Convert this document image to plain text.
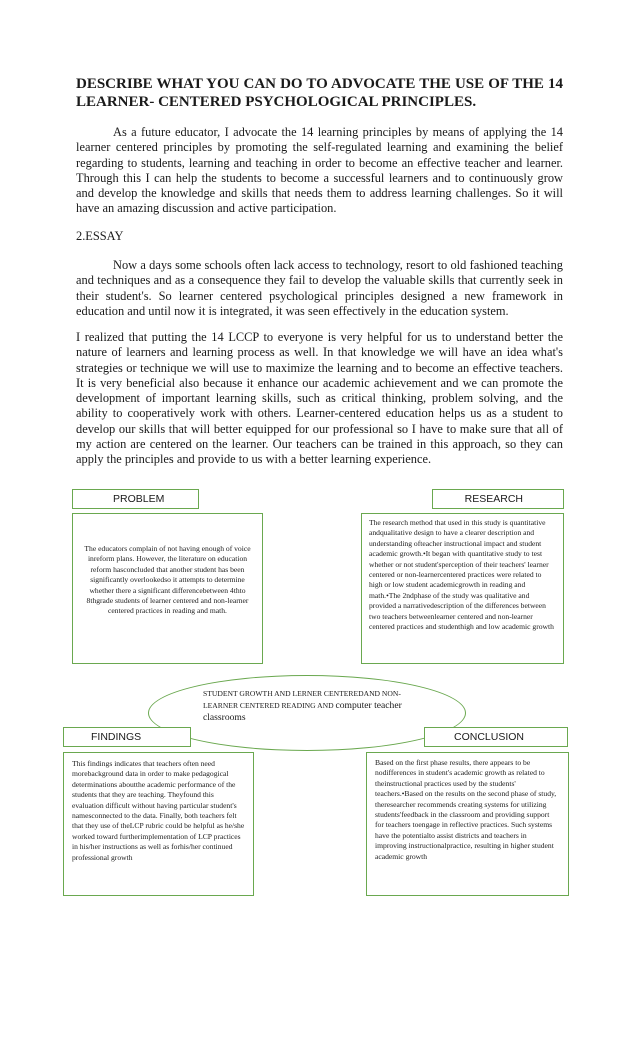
DESCRIBE WHAT YOU CAN DO TO ADVOCATE THE USE OF THE 14 LEARNER- CENTERED PSYCHOLOGICAL PRINCIPLES.

As a future educator, I advocate the 14 learning principles by means of applying the 14 learner centered principles by promoting the self-regulated learning and examining the belief regarding to students, learning and teaching in order to become an effective teacher and learner. Through this I can help the students to become a successful learners and to continuously grow and develop the knowledge and skills that needs them to address learning challenges. So it will have an amazing discussion and active participation.

2.ESSAY

Now a days some schools often lack access to technology, resort to old fashioned teaching and techniques and as a consequence they fail to develop the valuable skills that currently seek in their student's. So learner centered psychological principles designed a new framework in education and until now it is integrated, it was seen effectively in the education system.

I realized that putting the 14 LCCP to everyone is very helpful for us to understand better the nature of learners and learning process as well. In that knowledge we will have an idea what's strategies or technique we will use to maximize the learning and to become an effective teachers. It is very beneficial also because it enhance our academic achievement and we can promote the development of important learning skills, such as critical thinking, problem solving, and the ability to cooperatively work with others. Learner-centered education helps us as a student to develop our skills that will better equipped for our professional so I have to make sure that all of my action are centered on the learner. Our teachers can be trained in this approach, so they can apply the principles and provide to us with a better learning experience.

PROBLEM	RESEARCH
The educators complain of not having enough of voice inreform plans. However, the literature on education reform hasconcluded that another student has been significantly overlookedso it attempts to determine whether there a significant differencebetween 4thto 8thgrade students of learner centered and non-learner centered practices in reading and math.
The research method that used in this study is quantitative andqualitative design to have a clearer description and understanding ofteacher instructional impact and student academic growth.•It began with quantitative study to test whether or not student'sperception of their teachers' learner centered or non-learnercentered practices were related to high or low student academicgrowth in reading and math.•The 2ndphase of the study was qualitative and provided a narrativedescription of the differences between two teachers betweenlearner centered and non-learner centered practices and studenthigh and low academic growth
STUDENT GROWTH AND LERNER CENTEREDAND NON-LEARNER CENTERED READING AND computer teacher classrooms
FINDINGS	CONCLUSION
This findings indicates that teachers often need morebackground data in order to make pedagogical determinations aboutthe academic performance of the students that they are teaching. Theyfound this evaluation difficult without having particular student's namesconnected to the data. Finally, both teachers felt that they use of theLCP rubric could be helpful as he/she worked toward furtherimplementation of LCP practices in his/her instructions as well as forhis/her continued professional growth
Based on the first phase results, there appears to be nodifferences in student's academic growth as related to theinstructional practices used by the students' teachers.•Based on the results on the second phase of study, theresearcher recommends creating systems for utilizing students'feedback in the classroom and providing support for teachers toengage in reflective practices. Such systems have the potentialto assist districts and teachers in improving instructionalpractice, resulting in higher student academic growth
